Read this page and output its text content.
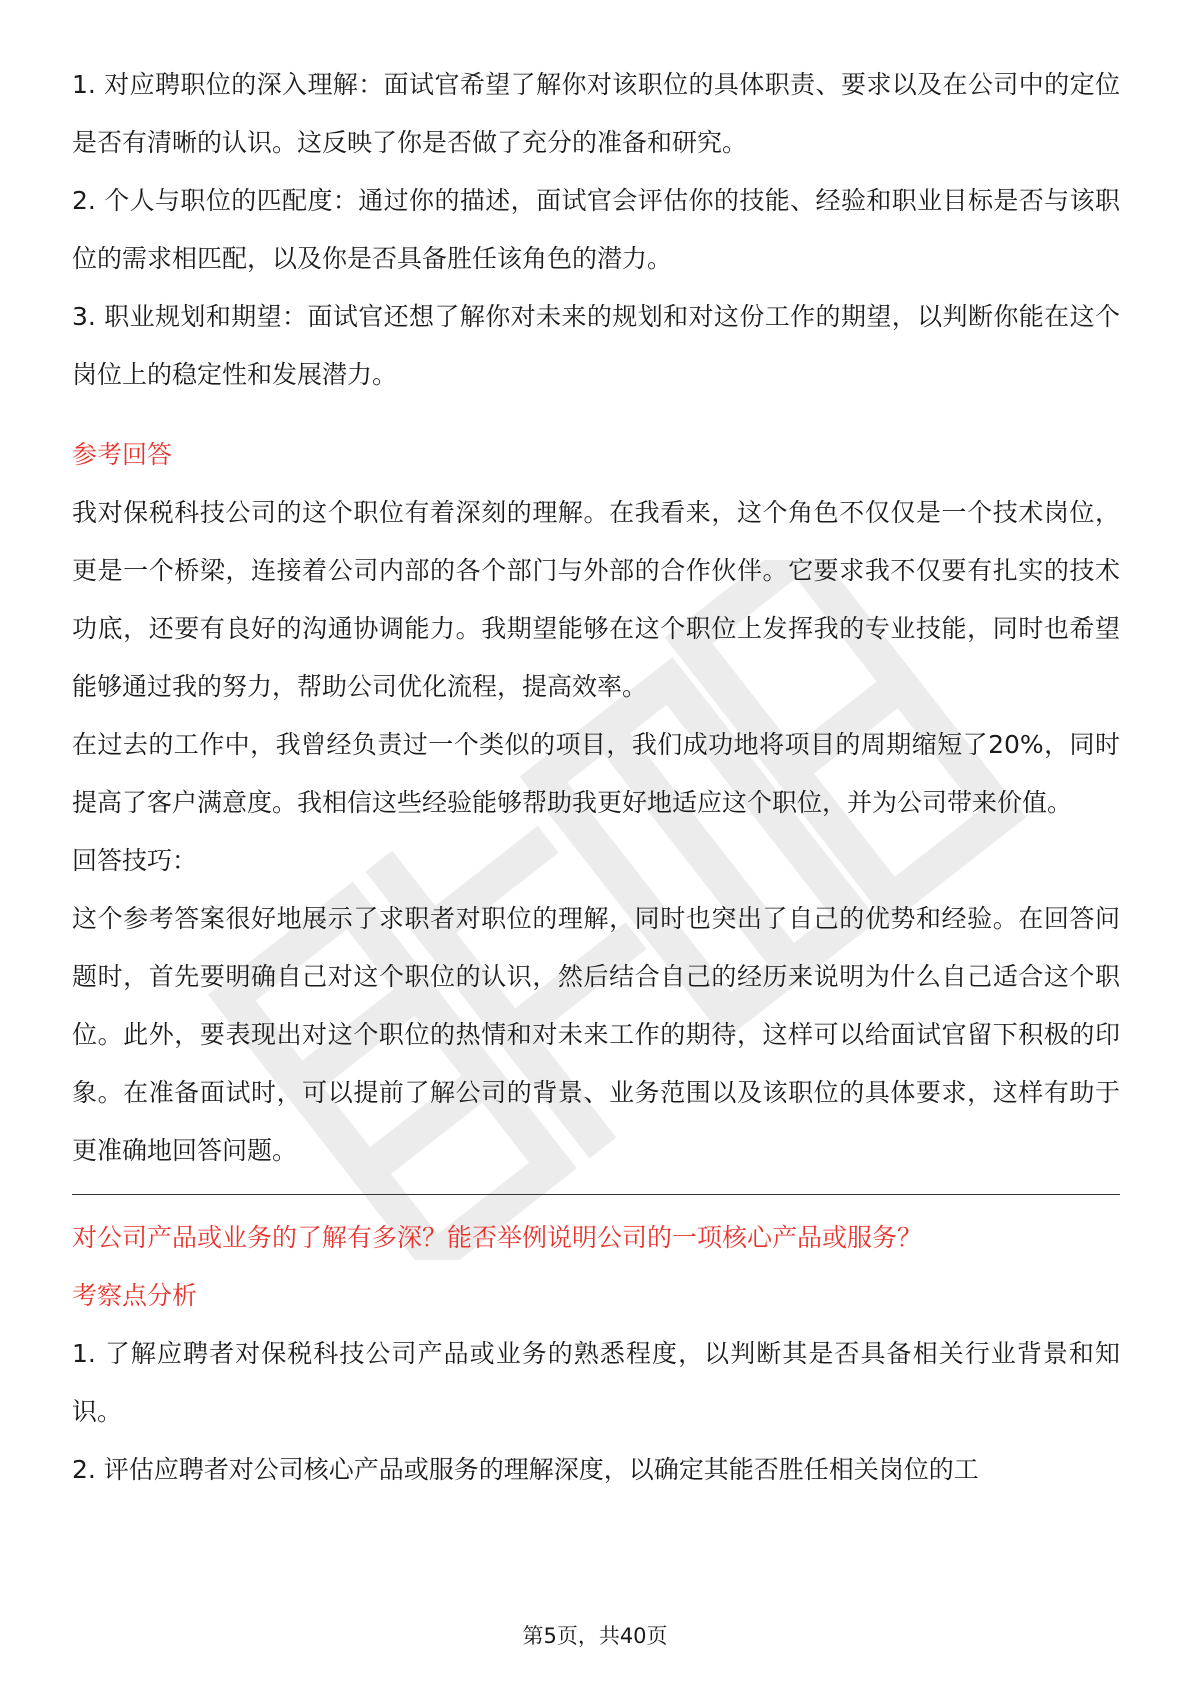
1. 对应聘职位的深入理解：面试官希望了解你对该职位的具体职责、要求以及在公司中的定位是否有清晰的认识。这反映了你是否做了充分的准备和研究。

2. 个人与职位的匹配度：通过你的描述，面试官会评估你的技能、经验和职业目标是否与该职位的需求相匹配，以及你是否具备胜任该角色的潜力。

3. 职业规划和期望：面试官还想了解你对未来的规划和对这份工作的期望，以判断你能在这个岗位上的稳定性和发展潜力。

参考回答

我对保税科技公司的这个职位有着深刻的理解。在我看来，这个角色不仅仅是一个技术岗位，更是一个桥梁，连接着公司内部的各个部门与外部的合作伙伴。它要求我不仅要有扎实的技术功底，还要有良好的沟通协调能力。我期望能够在这个职位上发挥我的专业技能，同时也希望能够通过我的努力，帮助公司优化流程，提高效率。

在过去的工作中，我曾经负责过一个类似的项目，我们成功地将项目的周期缩短了20%，同时提高了客户满意度。我相信这些经验能够帮助我更好地适应这个职位，并为公司带来价值。

回答技巧：

这个参考答案很好地展示了求职者对职位的理解，同时也突出了自己的优势和经验。在回答问题时，首先要明确自己对这个职位的认识，然后结合自己的经历来说明为什么自己适合这个职位。此外，要表现出对这个职位的热情和对未来工作的期待，这样可以给面试官留下积极的印象。在准备面试时，可以提前了解公司的背景、业务范围以及该职位的具体要求，这样有助于更准确地回答问题。

对公司产品或业务的了解有多深？能否举例说明公司的一项核心产品或服务？
考察点分析

1. 了解应聘者对保税科技公司产品或业务的熟悉程度，以判断其是否具备相关行业背景和知识。

2. 评估应聘者对公司核心产品或服务的理解深度，以确定其能否胜任相关岗位的工

第5页，共40页
